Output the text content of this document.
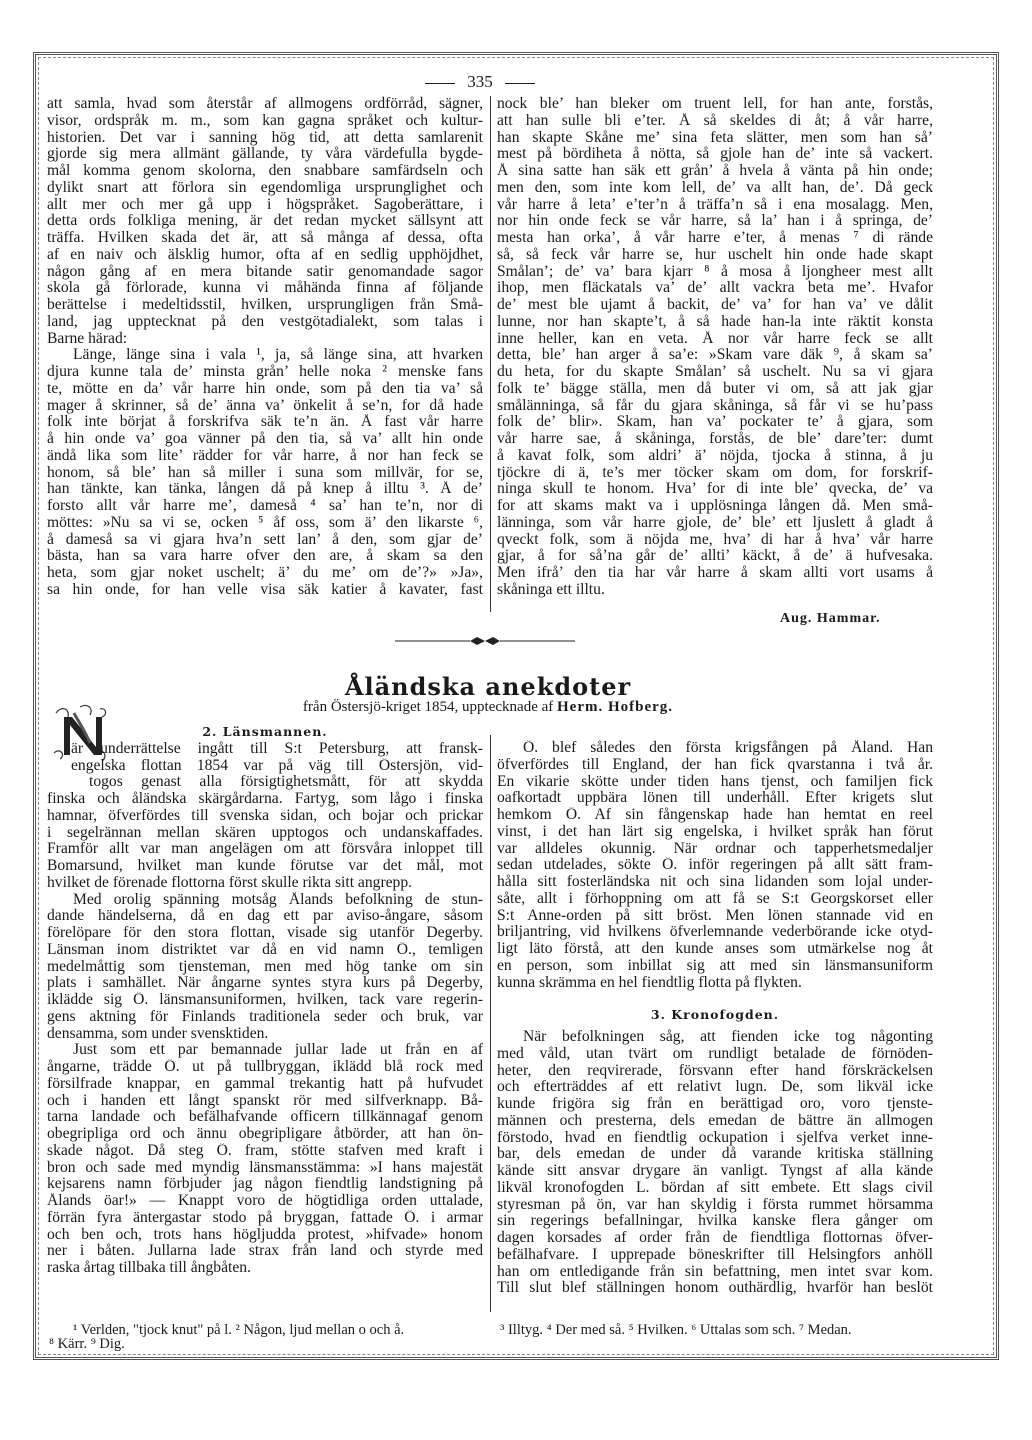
335
att samla, hvad som återstår af allmogens ordförråd, sägner,
visor, ordspråk m. m., som kan gagna språket och kultur-
historien. Det var i sanning hög tid, att detta samlarenit
gjorde sig mera allmänt gällande, ty våra värdefulla bygde-
mål komma genom skolorna, den snabbare samfärdseln och
dylikt snart att förlora sin egendomliga ursprunglighet och
allt mer och mer gå upp i högspråket. Sagoberättare, i
detta ords folkliga mening, är det redan mycket sällsynt att
träffa. Hvilken skada det är, att så många af dessa, ofta
af en naiv och älsklig humor, ofta af en sedlig upphöjdhet,
någon gång af en mera bitande satir genomandade sagor
skola gå förlorade, kunna vi måhända finna af följande
berättelse i medeltidsstil, hvilken, ursprungligen från Små-
land, jag upptecknat på den vestgötadialekt, som talas i
Barne härad:
Länge, länge sina i vala ¹, ja, så länge sina, att hvarken
djura kunne tala de’ minsta grån’ helle noka ² menske fans
te, mötte en da’ vår harre hin onde, som på den tia va’ så
mager å skrinner, så de’ änna va’ önkelit å se’n, for då hade
folk inte börjat å forskrifva säk te’n än. Å fast vår harre
å hin onde va’ goa vänner på den tia, så va’ allt hin onde
ändå lika som lite’ rädder for vår harre, å nor han feck se
honom, så ble’ han så miller i suna som millvär, for se,
han tänkte, kan tänka, lången då på knep å illtu ³. Å de’
forsto allt vår harre me’, dameså ⁴ sa’ han te’n, nor di
möttes: »Nu sa vi se, ocken ⁵ åf oss, som ä’ den likarste ⁶,
å dameså sa vi gjara hva’n sett lan’ å den, som gjar de’
bästa, han sa vara harre ofver den are, å skam sa den
heta, som gjar noket uschelt; ä’ du me’ om de’?» »Ja»,
sa hin onde, for han velle visa säk katier å kavater, fast
nock ble’ han bleker om truent lell, for han ante, forstås,
att han sulle bli e’ter. Å så skeldes di åt; å vår harre,
han skapte Skåne me’ sina feta slätter, men som han så’
mest på bördiheta å nötta, så gjole han de’ inte så vackert.
Å sina satte han säk ett grån’ å hvela å vänta på hin onde;
men den, som inte kom lell, de’ va allt han, de’. Då geck
vår harre å leta’ e’ter’n å träffa’n så i ena mosalagg. Men,
nor hin onde feck se vår harre, så la’ han i å springa, de’
mesta han orka’, å vår harre e’ter, å menas ⁷ di rände
så, så feck vår harre se, hur uschelt hin onde hade skapt
Smålan’; de’ va’ bara kjarr ⁸ å mosa å ljongheer mest allt
ihop, men fläckatals va’ de’ allt vackra beta me’. Hvafor
de’ mest ble ujamt å backit, de’ va’ for han va’ ve dålit
lunne, nor han skapte’t, å så hade han-la inte räktit konsta
inne heller, kan en veta. Å nor vår harre feck se allt
detta, ble’ han arger å sa’e: »Skam vare däk ⁹, å skam sa’
du heta, for du skapte Smålan’ så uschelt. Nu sa vi gjara
folk te’ bägge ställa, men då buter vi om, så att jak gjar
smålänninga, så får du gjara skåninga, så får vi se hu’pass
folk de’ blir». Skam, han va’ pockater te’ å gjara, som
vår harre sae, å skåninga, forstås, de ble’ dare’ter: dumt
å kavat folk, som aldri’ ä’ nöjda, tjocka å stinna, å ju
tjöckre di ä, te’s mer töcker skam om dom, for forskrif-
ninga skull te honom. Hva’ for di inte ble’ qvecka, de’ va
for att skams makt va i upplösninga lången då. Men små-
länninga, som vår harre gjole, de’ ble’ ett ljuslett å gladt å
qveckt folk, som ä nöjda me, hva’ di har å hva’ vår harre
gjar, å for så’na går de’ allti’ käckt, å de’ ä hufvesaka.
Men ifrå’ den tia har vår harre å skam allti vort usams å
skåninga ett illtu.
Aug. Hammar.
Åländska anekdoter
från Östersjö-kriget 1854, upptecknade af Herm. Hofberg.
N
2. Länsmannen.
är underrättelse ingått till S:t Petersburg, att fransk-
engelska flottan 1854 var på väg till Östersjön, vid-
togos genast alla försigtighetsmått, för att skydda
finska och åländska skärgårdarna. Fartyg, som lågo i finska
hamnar, öfverfördes till svenska sidan, och bojar och prickar
i segelrännan mellan skären upptogos och undanskaffades.
Framför allt var man angelägen om att försvåra inloppet till
Bomarsund, hvilket man kunde förutse var det mål, mot
hvilket de förenade flottorna först skulle rikta sitt angrepp.
Med orolig spänning motsåg Ålands befolkning de stun-
dande händelserna, då en dag ett par aviso-ångare, såsom
förelöpare för den stora flottan, visade sig utanför Degerby.
Länsman inom distriktet var då en vid namn Ö., temligen
medelmåttig som tjensteman, men med hög tanke om sin
plats i samhället. När ångarne syntes styra kurs på Degerby,
iklädde sig Ö. länsmansuniformen, hvilken, tack vare regerin-
gens aktning för Finlands traditionela seder och bruk, var
densamma, som under svensktiden.
Just som ett par bemannade jullar lade ut från en af
ångarne, trädde Ö. ut på tullbryggan, iklädd blå rock med
försilfrade knappar, en gammal trekantig hatt på hufvudet
och i handen ett långt spanskt rör med silfverknapp. Bå-
tarna landade och befälhafvande officern tillkännagaf genom
obegripliga ord och ännu obegripligare åtbörder, att han ön-
skade något. Då steg Ö. fram, stötte stafven med kraft i
bron och sade med myndig länsmansstämma: »I hans majestät
kejsarens namn förbjuder jag någon fiendtlig landstigning på
Ålands öar!» — Knappt voro de högtidliga orden uttalade,
förrän fyra äntergastar stodo på bryggan, fattade Ö. i armar
och ben och, trots hans högljudda protest, »hifvade» honom
ner i båten. Jullarna lade strax från land och styrde med
raska årtag tillbaka till ångbåten.
Ö. blef således den första krigsfången på Åland. Han
öfverfördes till England, der han fick qvarstanna i två år.
En vikarie skötte under tiden hans tjenst, och familjen fick
oafkortadt uppbära lönen till underhåll. Efter krigets slut
hemkom Ö. Af sin fångenskap hade han hemtat en reel
vinst, i det han lärt sig engelska, i hvilket språk han förut
var alldeles okunnig. När ordnar och tapperhetsmedaljer
sedan utdelades, sökte Ö. inför regeringen på allt sätt fram-
hålla sitt fosterländska nit och sina lidanden som lojal under-
såte, allt i förhoppning om att få se S:t Georgskorset eller
S:t Anne-orden på sitt bröst. Men lönen stannade vid en
briljantring, vid hvilkens öfverlemnande vederbörande icke otyd-
ligt läto förstå, att den kunde anses som utmärkelse nog åt
en person, som inbillat sig att med sin länsmansuniform
kunna skrämma en hel fiendtlig flotta på flykten.
3. Kronofogden.
När befolkningen såg, att fienden icke tog någonting
med våld, utan tvärt om rundligt betalade de förnöden-
heter, den reqvirerade, försvann efter hand förskräckelsen
och efterträddes af ett relativt lugn. De, som likväl icke
kunde frigöra sig från en berättigad oro, voro tjenste-
männen och presterna, dels emedan de bättre än allmogen
förstodo, hvad en fiendtlig ockupation i sjelfva verket inne-
bar, dels emedan de under då varande kritiska ställning
kände sitt ansvar drygare än vanligt. Tyngst af alla kände
likväl kronofogden L. bördan af sitt embete. Ett slags civil
styresman på ön, var han skyldig i första rummet hörsamma
sin regerings befallningar, hvilka kanske flera gånger om
dagen korsades af order från de fiendtliga flottornas öfver-
befälhafvare. I upprepade böneskrifter till Helsingfors anhöll
han om entledigande från sin befattning, men intet svar kom.
Till slut blef ställningen honom outhärdlig, hvarför han beslöt
¹ Verlden, "tjock knut" på l. ² Någon, ljud mellan o och å.
⁸ Kärr. ⁹ Dig.
³ Illtyg. ⁴ Der med så. ⁵ Hvilken. ⁶ Uttalas som sch. ⁷ Medan.
